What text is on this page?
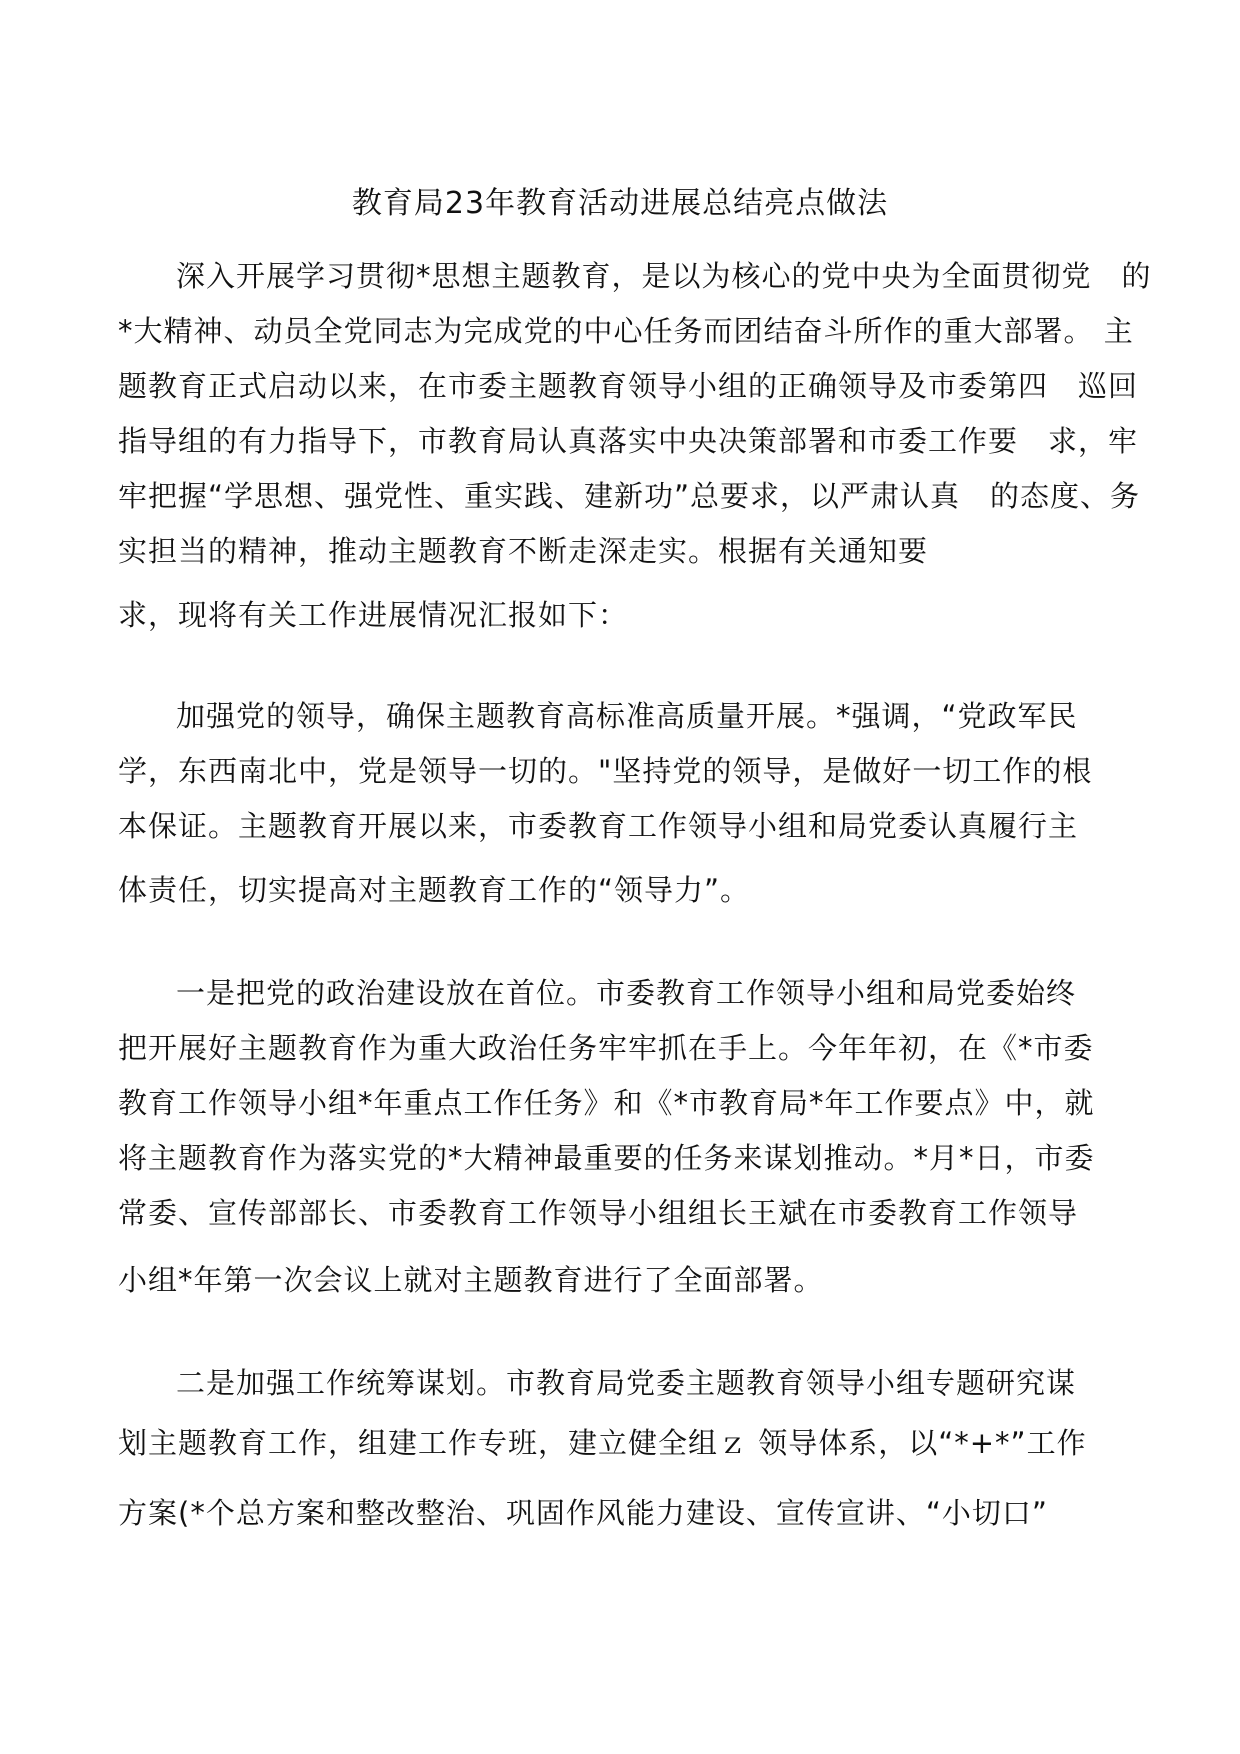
教育局23年教育活动进展总结亮点做法
深入开展学习贯彻*思想主题教育，是以为核心的党中央为全面贯彻党　的
*大精神、动员全党同志为完成党的中心任务而团结奋斗所作的重大部署。 主
题教育正式启动以来，在市委主题教育领导小组的正确领导及市委第四　巡回
指导组的有力指导下，市教育局认真落实中央决策部署和市委工作要　求，牢
牢把握“学思想、强党性、重实践、建新功”总要求，以严肃认真　的态度、务
实担当的精神，推动主题教育不断走深走实。根据有关通知要
求，现将有关工作进展情况汇报如下：
加强党的领导，确保主题教育高标准高质量开展。*强调，“党政军民
学，东西南北中，党是领导一切的。"坚持党的领导，是做好一切工作的根
本保证。主题教育开展以来，市委教育工作领导小组和局党委认真履行主
体责任，切实提高对主题教育工作的“领导力”。
一是把党的政治建设放在首位。市委教育工作领导小组和局党委始终
把开展好主题教育作为重大政治任务牢牢抓在手上。今年年初，在《*市委
教育工作领导小组*年重点工作任务》和《*市教育局*年工作要点》中，就
将主题教育作为落实党的*大精神最重要的任务来谋划推动。*月*日，市委
常委、宣传部部长、市委教育工作领导小组组长王斌在市委教育工作领导
小组*年第一次会议上就对主题教育进行了全面部署。
二是加强工作统筹谋划。市教育局党委主题教育领导小组专题研究谋
划主题教育工作，组建工作专班，建立健全组ｚ 领导体系，以“*+*”工作
方案(*个总方案和整改整治、巩固作风能力建设、宣传宣讲、“小切口”
